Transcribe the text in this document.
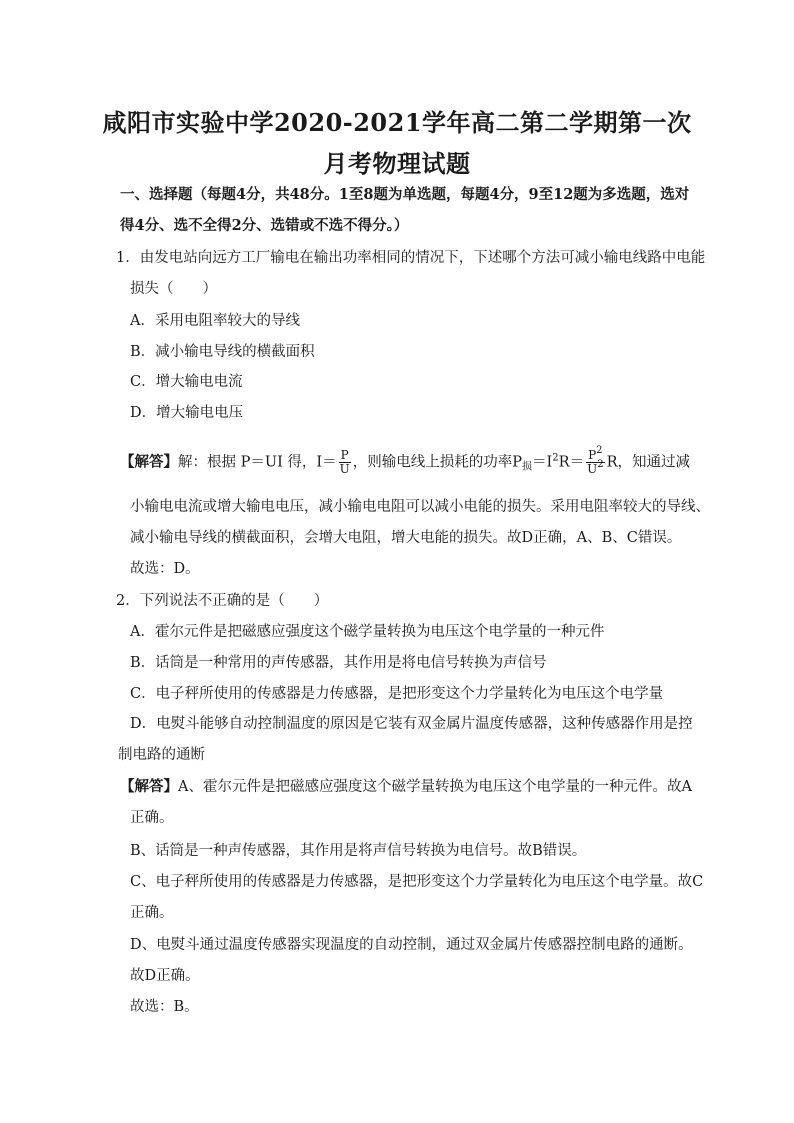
咸阳市实验中学2020-2021学年高二第二学期第一次
月考物理试题
一、选择题（每题4分，共48分。1至8题为单选题，每题4分，9至12题为多选题，选对
得4分、选不全得2分、选错或不选不得分。）
1．由发电站向远方工厂输电在输出功率相同的情况下，下述哪个方法可减小输电线路中电能
损失（　　）
A．采用电阻率较大的导线
B．减小输电导线的横截面积
C．增大输电电流
D．增大输电电压
【解答】解：根据 P＝UI 得，$I= \frac{P}{U}$ ，则输电线上损耗的功率$P_损=I^2R= \frac{P^2}{U^2}$ R，知通过减
小输电电流或增大输电电压，减小输电电阻可以减小电能的损失。采用电阻率较大的导线、
减小输电导线的横截面积，会增大电阻，增大电能的损失。故D正确，A、B、C错误。
故选：D。
2．下列说法不正确的是（　　）
A．霍尔元件是把磁感应强度这个磁学量转换为电压这个电学量的一种元件
B．话筒是一种常用的声传感器，其作用是将电信号转换为声信号
C．电子秤所使用的传感器是力传感器，是把形变这个力学量转化为电压这个电学量
D．电熨斗能够自动控制温度的原因是它装有双金属片温度传感器，这种传感器作用是控
制电路的通断
【解答】A、霍尔元件是把磁感应强度这个磁学量转换为电压这个电学量的一种元件。故A
正确。
B、话筒是一种声传感器，其作用是将声信号转换为电信号。故B错误。
C、电子秤所使用的传感器是力传感器，是把形变这个力学量转化为电压这个电学量。故C
正确。
D、电熨斗通过温度传感器实现温度的自动控制，通过双金属片传感器控制电路的通断。
故D正确。
故选：B。
